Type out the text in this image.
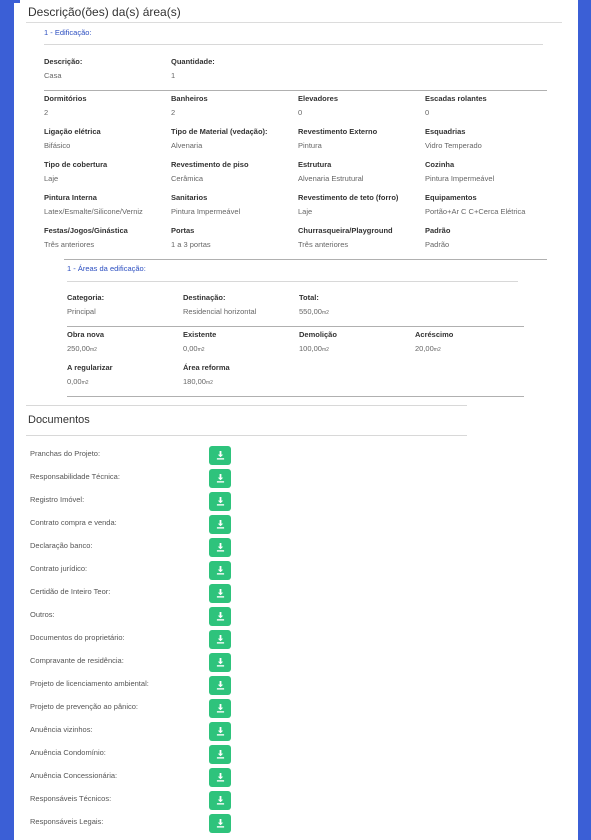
Descrição(ões) da(s) área(s)
1 - Edificação:
Descrição:
Casa
Quantidade:
1
Dormitórios
2
Banheiros
2
Elevadores
0
Escadas rolantes
0
Ligação elétrica
Bifásico
Tipo de Material (vedação):
Alvenaria
Revestimento Externo
Pintura
Esquadrias
Vidro Temperado
Tipo de cobertura
Laje
Revestimento de piso
Cerâmica
Estrutura
Alvenaria Estrutural
Cozinha
Pintura Impermeável
Pintura Interna
Latex/Esmalte/Silicone/Verniz
Sanitarios
Pintura Impermeável
Revestimento de teto (forro)
Laje
Equipamentos
Portão+Ar C C+Cerca Elétrica
Festas/Jogos/Ginástica
Três anteriores
Portas
1 a 3 portas
Churrasqueira/Playground
Três anteriores
Padrão
Padrão
1 - Áreas da edificação:
Categoria:
Principal
Destinação:
Residencial horizontal
Total:
550,00m2
Obra nova
250,00m2
Existente
0,00m2
Demolição
100,00m2
Acréscimo
20,00m2
A regularizar
0,00m2
Área reforma
180,00m2
Documentos
Pranchas do Projeto:
Responsabilidade Técnica:
Registro Imóvel:
Contrato compra e venda:
Declaração banco:
Contrato jurídico:
Certidão de Inteiro Teor:
Outros:
Documentos do proprietário:
Compravante de residência:
Projeto de licenciamento ambiental:
Projeto de prevenção ao pânico:
Anuência vizinhos:
Anuência Condomínio:
Anuência Concessionária:
Responsáveis Técnicos:
Responsáveis Legais:
